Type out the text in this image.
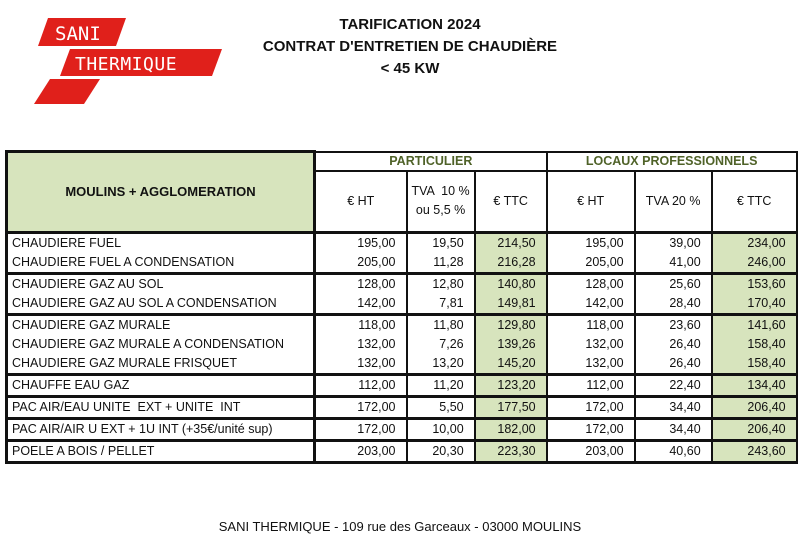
SANI
THERMIQUE
TARIFICATION 2024
CONTRAT D'ENTRETIEN DE CHAUDIÈRE
< 45 KW
MOULINS + AGGLOMERATION	PARTICULIER			LOCAUX PROFESSIONNELS		
	€ HT	TVA  10 %
ou 5,5 %	€ TTC	€ HT	TVA 20 %	€ TTC
CHAUDIERE FUEL	195,00	19,50	214,50	195,00	39,00	234,00
CHAUDIERE FUEL A CONDENSATION	205,00	11,28	216,28	205,00	41,00	246,00
CHAUDIERE GAZ AU SOL	128,00	12,80	140,80	128,00	25,60	153,60
CHAUDIERE GAZ AU SOL A CONDENSATION	142,00	7,81	149,81	142,00	28,40	170,40
CHAUDIERE GAZ MURALE	118,00	11,80	129,80	118,00	23,60	141,60
CHAUDIERE GAZ MURALE A CONDENSATION	132,00	7,26	139,26	132,00	26,40	158,40
CHAUDIERE GAZ MURALE FRISQUET	132,00	13,20	145,20	132,00	26,40	158,40
CHAUFFE EAU GAZ	112,00	11,20	123,20	112,00	22,40	134,40
PAC AIR/EAU UNITE  EXT + UNITE  INT	172,00	5,50	177,50	172,00	34,40	206,40
PAC AIR/AIR U EXT + 1U INT (+35€/unité sup)	172,00	10,00	182,00	172,00	34,40	206,40
POELE A BOIS / PELLET	203,00	20,30	223,30	203,00	40,60	243,60
SANI THERMIQUE - 109 rue des Garceaux - 03000 MOULINS
